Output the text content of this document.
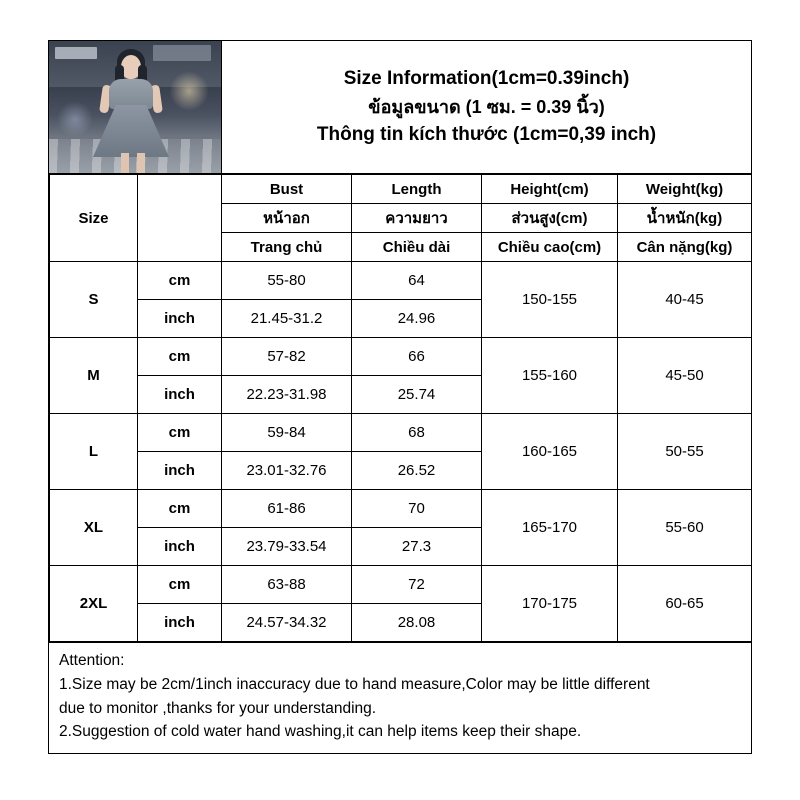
Size Information(1cm=0.39inch)
ข้อมูลขนาด (1 ซม. = 0.39 นิ้ว)
Thông tin kích thước (1cm=0,39 inch)
Size		Bust	Length	Height(cm)	Weight(kg)
		หน้าอก	ความยาว	ส่วนสูง(cm)	น้ำหนัก(kg)
		Trang chủ	Chiều dài	Chiều cao(cm)	Cân nặng(kg)
S	cm	55-80	64	150-155	40-45
	inch	21.45-31.2	24.96		
M	cm	57-82	66	155-160	45-50
	inch	22.23-31.98	25.74		
L	cm	59-84	68	160-165	50-55
	inch	23.01-32.76	26.52		
XL	cm	61-86	70	165-170	55-60
	inch	23.79-33.54	27.3		
2XL	cm	63-88	72	170-175	60-65
	inch	24.57-34.32	28.08		

Attention:

1.Size may be 2cm/1inch inaccuracy due to hand measure,Color may be little different

due to monitor ,thanks for your understanding.

2.Suggestion of cold water hand washing,it can help items keep their shape.
